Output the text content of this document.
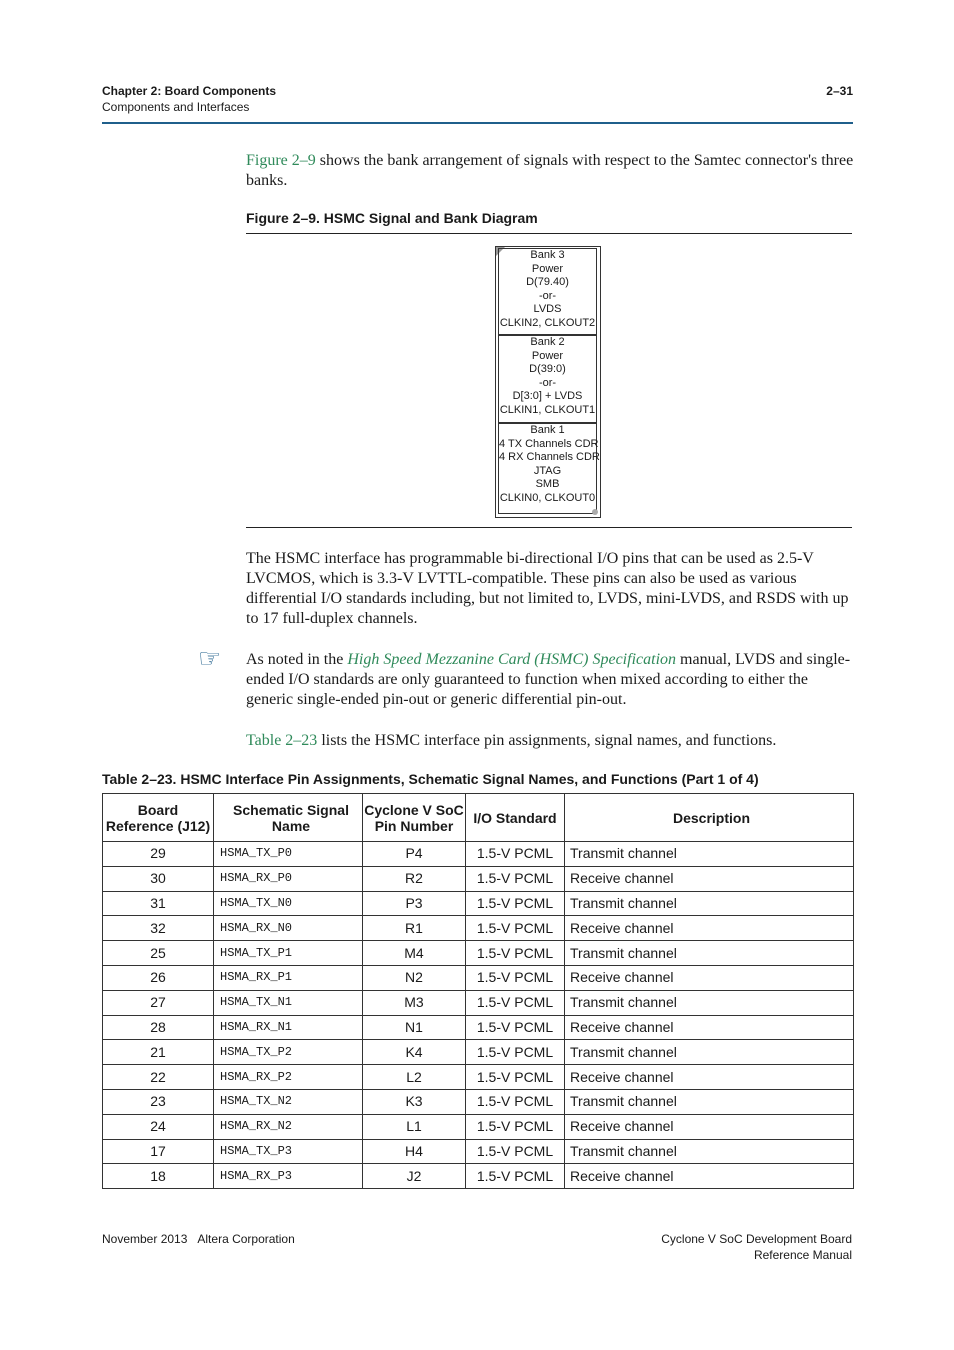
Chapter 2: Board Components
Components and Interfaces
2–31
Figure 2–9 shows the bank arrangement of signals with respect to the Samtec connector's three banks.
Figure 2–9. HSMC Signal and Bank Diagram
Bank 3
Power
D(79.40)
-or-
LVDS
CLKIN2, CLKOUT2
Bank 2
Power
D(39:0)
-or-
D[3:0] + LVDS
CLKIN1, CLKOUT1
Bank 1
4 TX Channels CDR
4 RX Channels CDR
JTAG
SMB
CLKIN0, CLKOUT0
The HSMC interface has programmable bi-directional I/O pins that can be used as 2.5-V LVCMOS, which is 3.3-V LVTTL-compatible. These pins can also be used as various differential I/O standards including, but not limited to, LVDS, mini-LVDS, and RSDS with up to 17 full-duplex channels.
☞ As noted in the High Speed Mezzanine Card (HSMC) Specification manual, LVDS and single-ended I/O standards are only guaranteed to function when mixed according to either the generic single-ended pin-out or generic differential pin-out.
Table 2–23 lists the HSMC interface pin assignments, signal names, and functions.
Table 2–23. HSMC Interface Pin Assignments, Schematic Signal Names, and Functions (Part 1 of 4)
Board Reference (J12)	Schematic Signal Name	Cyclone V SoC Pin Number	I/O Standard	Description
29	HSMA_TX_P0	P4	1.5-V PCML	Transmit channel
30	HSMA_RX_P0	R2	1.5-V PCML	Receive channel
31	HSMA_TX_N0	P3	1.5-V PCML	Transmit channel
32	HSMA_RX_N0	R1	1.5-V PCML	Receive channel
25	HSMA_TX_P1	M4	1.5-V PCML	Transmit channel
26	HSMA_RX_P1	N2	1.5-V PCML	Receive channel
27	HSMA_TX_N1	M3	1.5-V PCML	Transmit channel
28	HSMA_RX_N1	N1	1.5-V PCML	Receive channel
21	HSMA_TX_P2	K4	1.5-V PCML	Transmit channel
22	HSMA_RX_P2	L2	1.5-V PCML	Receive channel
23	HSMA_TX_N2	K3	1.5-V PCML	Transmit channel
24	HSMA_RX_N2	L1	1.5-V PCML	Receive channel
17	HSMA_TX_P3	H4	1.5-V PCML	Transmit channel
18	HSMA_RX_P3	J2	1.5-V PCML	Receive channel
November 2013 Altera Corporation	Cyclone V SoC Development Board
Reference Manual
